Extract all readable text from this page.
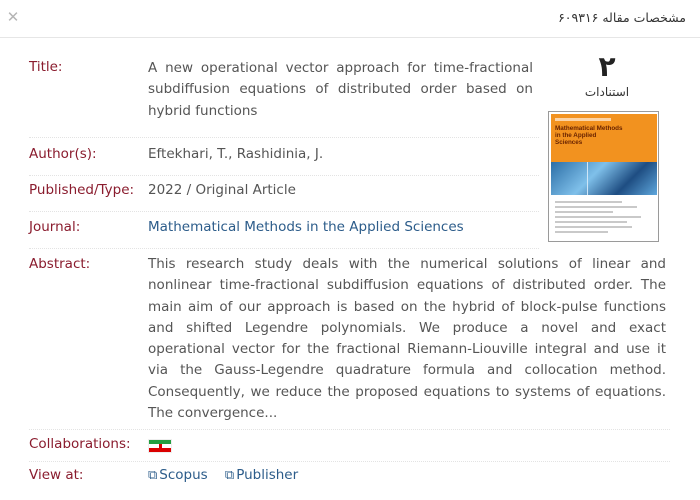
✕	مشخصات مقاله ۶۰۹۳۱۶
Title:	A new operational vector approach for time-fractional subdiffusion equations of distributed order based on hybrid functions
۲
استنادات
Mathematical Methods in the Applied Sciences
Author(s):	Eftekhari, T., Rashidinia, J.
Published/Type: 2022 / Original Article
Journal:	Mathematical Methods in the Applied Sciences
Abstract:	This research study deals with the numerical solutions of linear and nonlinear time-fractional subdiffusion equations of distributed order. The main aim of our approach is based on the hybrid of block-pulse functions and shifted Legendre polynomials. We produce a novel and exact operational vector for the fractional Riemann-Liouville integral and use it via the Gauss-Legendre quadrature formula and collocation method. Consequently, we reduce the proposed equations to systems of equations. The convergence...
Collaborations:
View at:	⧉ Scopus ⧉ Publisher
